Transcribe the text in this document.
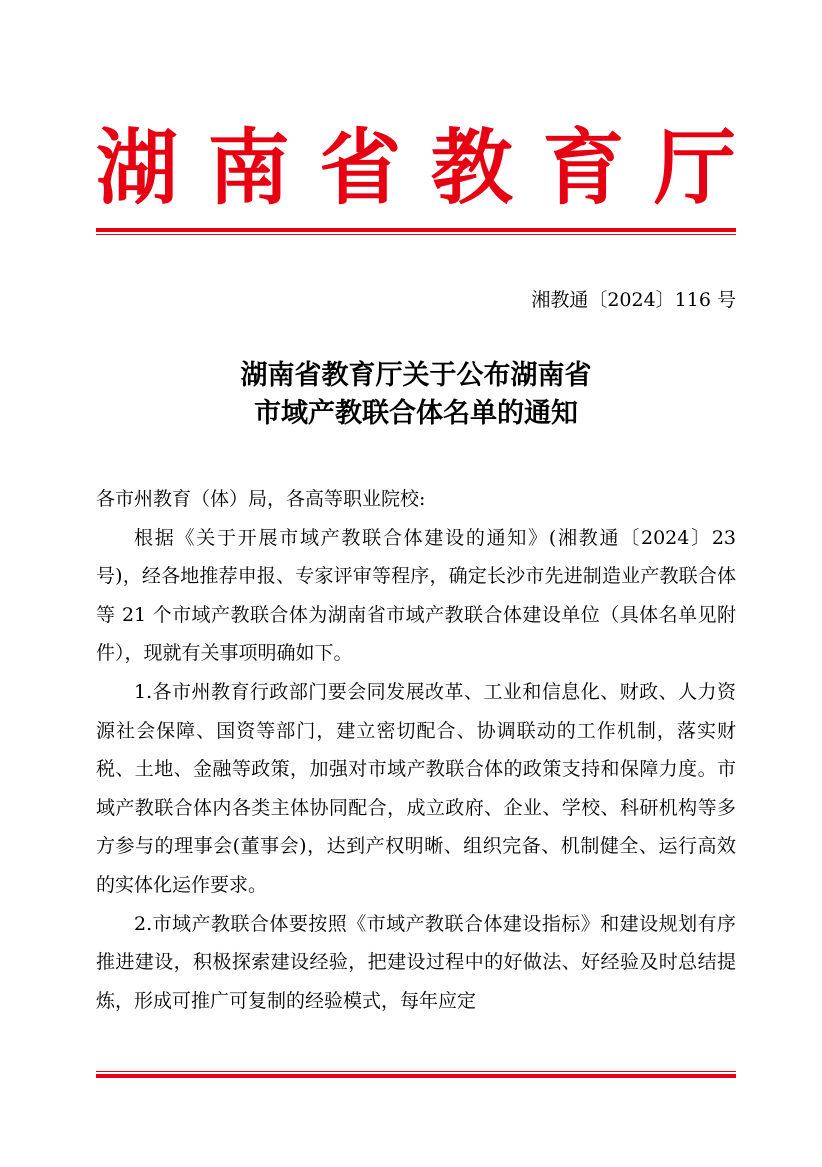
湖 南 省 教 育 厅
湘教通〔2024〕116 号
湖南省教育厅关于公布湖南省
市域产教联合体名单的通知

各市州教育（体）局，各高等职业院校:

根据《关于开展市域产教联合体建设的通知》(湘教通〔2024〕23 号)，经各地推荐申报、专家评审等程序，确定长沙市先进制造业产教联合体等 21 个市域产教联合体为湖南省市域产教联合体建设单位（具体名单见附件），现就有关事项明确如下。

1.各市州教育行政部门要会同发展改革、工业和信息化、财政、人力资源社会保障、国资等部门，建立密切配合、协调联动的工作机制，落实财税、土地、金融等政策，加强对市域产教联合体的政策支持和保障力度。市域产教联合体内各类主体协同配合，成立政府、企业、学校、科研机构等多方参与的理事会(董事会)，达到产权明晰、组织完备、机制健全、运行高效的实体化运作要求。

2.市域产教联合体要按照《市域产教联合体建设指标》和建设规划有序推进建设，积极探索建设经验，把建设过程中的好做法、好经验及时总结提炼，形成可推广可复制的经验模式，每年应定
